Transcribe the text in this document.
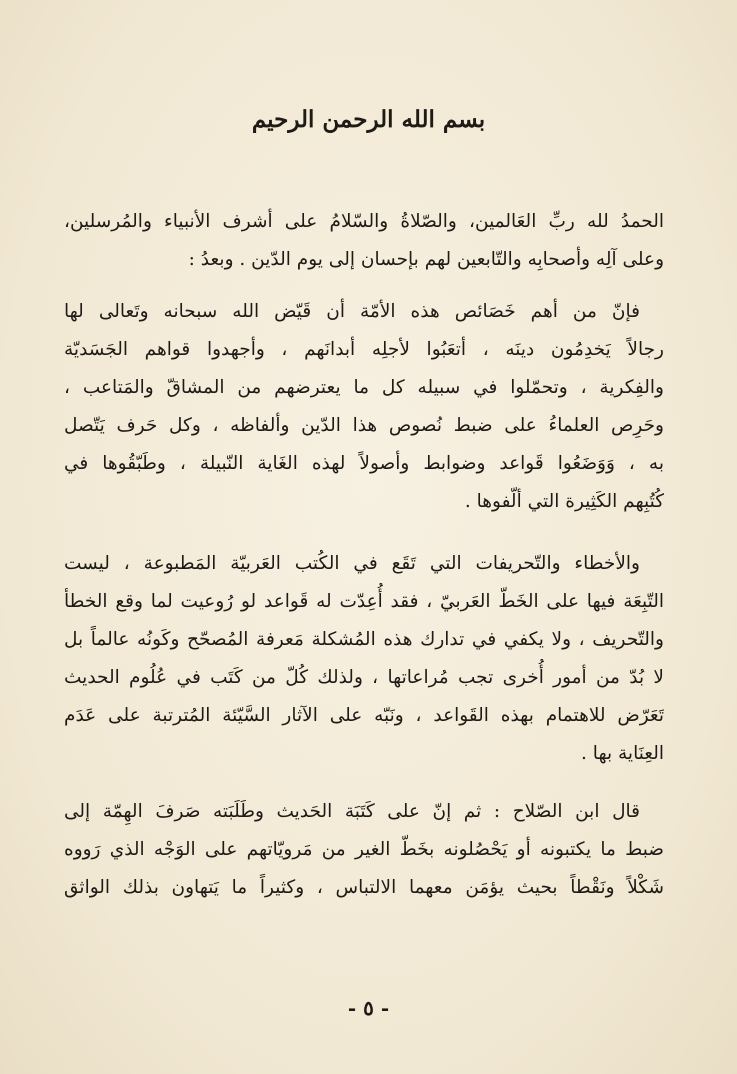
بسم الله الرحمن الرحيم
الحمدُ لله ربِّ العَالمين، والصّلاةُ والسّلامُ على أشرف الأنبياء والمُرسلين،
وعلى آلِه وأصحابِه والتّابعين لهم بإحسان إلى يوم الدّين . وبعدُ :
فإنّ من أهم خَصَائص هذه الأمّة أن قَيّض الله سبحانه وتَعالى لها
رجالاً يَخدِمُون دينَه ، أتعَبُوا لأجلِه أبدانَهم ، وأجهدوا قواهم الجَسَديّة
والفِكرية ، وتحمّلوا في سبيله كل ما يعترضهم من المشاقّ والمَتاعب ،
وحَرِص العلماءُ على ضبط نُصوص هذا الدّين وألفاظه ، وكل حَرف يَتّصل
به ، وَوَضَعُوا قَواعد وضوابط وأصولاً لهذه الغَاية النّبيلة ، وطَبّقُوها في
كُتُبِهم الكَثِيرة التي ألّفوها .
والأخطاء والتّحريفات التي تَقَع في الكُتب العَربيّة المَطبوعة ، ليست
التّبِعَة فيها على الخَطّ العَربيّ ، فقد أُعِدّت له قَواعد لو رُوعيت لما وقع الخطأ
والتّحريف ، ولا يكفي في تدارك هذه المُشكلة مَعرفة المُصحّح وكَونُه عالماً بل
لا بُدّ من أمور أُخرى تجب مُراعاتها ، ولذلك كُلّ من كَتَب في عُلُوم الحديث
تَعَرّض للاهتمام بهذه القَواعد ، ونَبّه على الآثار السَّيّئة المُترتبة على عَدَم
العِنَاية بها .
قال ابن الصّلاح : ثم إنّ على كَتَبَة الحَديث وطَلَبَته صَرفَ الهِمّة إلى
ضبط ما يكتبونه أو يَحْصُلونه بخَطّ الغير من مَرويّاتهم على الوَجْه الذي رَووه
شَكْلاً ونَقْطاً بحيث يؤمَن معهما الالتباس ، وكثيراً ما يَتهاون بذلك الواثق
- ٥ -
